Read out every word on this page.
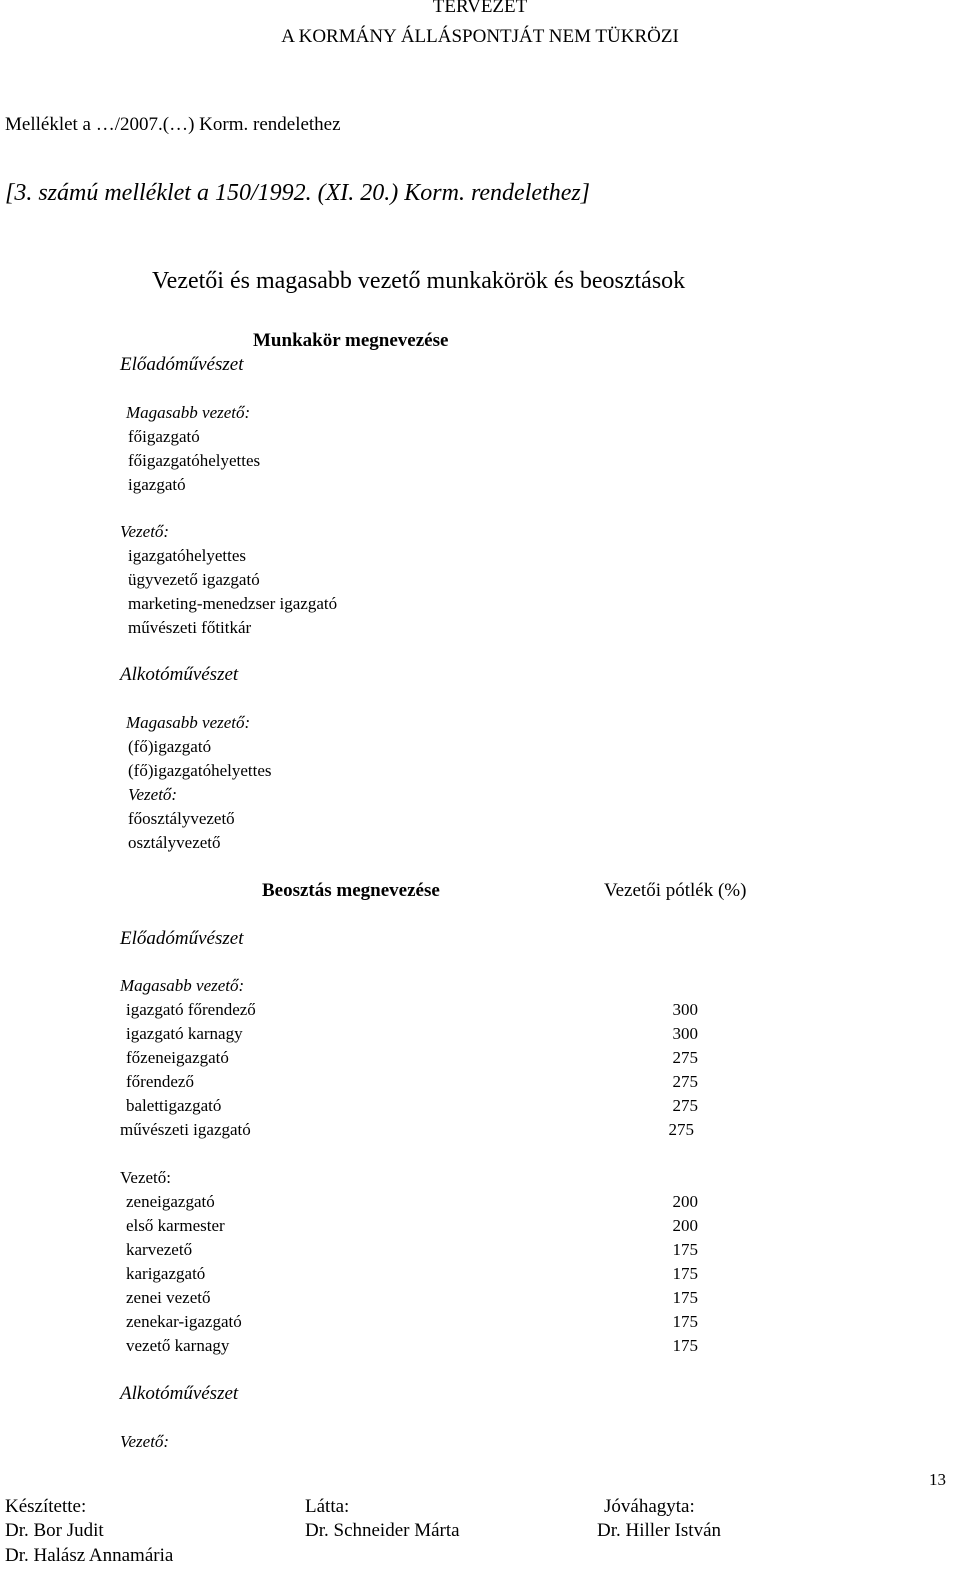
TERVEZET
A KORMÁNY ÁLLÁSPONTJÁT NEM TÜKRÖZI
Melléklet a …/2007.(…) Korm. rendelethez
[3. számú melléklet a 150/1992. (XI. 20.) Korm. rendelethez]
Vezetői és magasabb vezető munkakörök és beosztások
Munkakör megnevezése
Előadóművészet
Magasabb vezető:
főigazgató
főigazgatóhelyettes
igazgató
Vezető:
igazgatóhelyettes
ügyvezető igazgató
marketing-menedzser igazgató
művészeti főtitkár
Alkotóművészet
Magasabb vezető:
(fő)igazgató
(fő)igazgatóhelyettes
Vezető:
főosztályvezető
osztályvezető
Beosztás megnevezése	Vezetői pótlék (%)
Előadóművészet
Magasabb vezető:
igazgató főrendező	300
igazgató karnagy	300
főzeneigazgató	275
főrendező	275
balettigazgató	275
művészeti igazgató	275
Vezető:
zeneigazgató	200
első karmester	200
karvezető	175
karigazgató	175
zenei vezető	175
zenekar-igazgató	175
vezető karnagy	175
Alkotóművészet
Vezető:
13
Készítette:	Látta:	Jóváhagyta:
Dr. Bor Judit	Dr. Schneider Márta	Dr. Hiller István
Dr. Halász Annamária
